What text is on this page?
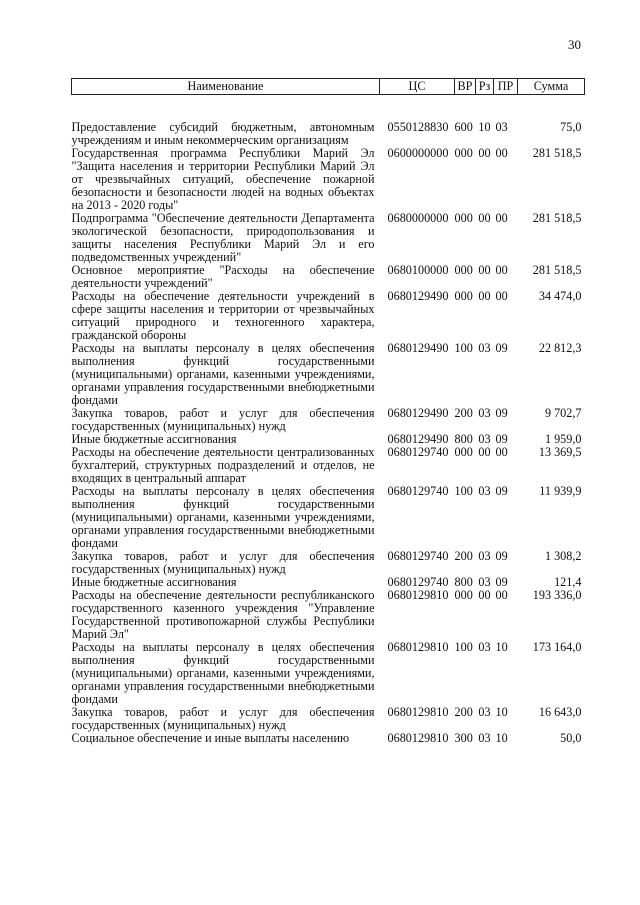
30
Наименование	ЦС	ВР	Рз	ПР	Сумма
Предоставление субсидий бюджетным, автономным учреждениям и иным некоммерческим организациям	0550128830	600	10	03	75,0
Государственная программа Республики Марий Эл "Защита населения и территории Республики Марий Эл от чрезвычайных ситуаций, обеспечение пожарной безопасности и безопасности людей на водных объектах на 2013 - 2020 годы"	0600000000	000	00	00	281 518,5
Подпрограмма "Обеспечение деятельности Департамента экологической безопасности, природопользования и защиты населения Республики Марий Эл и его подведомственных учреждений"	0680000000	000	00	00	281 518,5
Основное мероприятие "Расходы на обеспечение деятельности учреждений"	0680100000	000	00	00	281 518,5
Расходы на обеспечение деятельности учреждений в сфере защиты населения и территории от чрезвычайных ситуаций природного и техногенного характера, гражданской обороны	0680129490	000	00	00	34 474,0
Расходы на выплаты персоналу в целях обеспечения выполнения функций государственными (муниципальными) органами, казенными учреждениями, органами управления государственными внебюджетными фондами	0680129490	100	03	09	22 812,3
Закупка товаров, работ и услуг для обеспечения государственных (муниципальных) нужд	0680129490	200	03	09	9 702,7
Иные бюджетные ассигнования	0680129490	800	03	09	1 959,0
Расходы на обеспечение деятельности централизованных бухгалтерий, структурных подразделений и отделов, не входящих в центральный аппарат	0680129740	000	00	00	13 369,5
Расходы на выплаты персоналу в целях обеспечения выполнения функций государственными (муниципальными) органами, казенными учреждениями, органами управления государственными внебюджетными фондами	0680129740	100	03	09	11 939,9
Закупка товаров, работ и услуг для обеспечения государственных (муниципальных) нужд	0680129740	200	03	09	1 308,2
Иные бюджетные ассигнования	0680129740	800	03	09	121,4
Расходы на обеспечение деятельности республиканского государственного казенного учреждения "Управление Государственной противопожарной службы Республики Марий Эл"	0680129810	000	00	00	193 336,0
Расходы на выплаты персоналу в целях обеспечения выполнения функций государственными (муниципальными) органами, казенными учреждениями, органами управления государственными внебюджетными фондами	0680129810	100	03	10	173 164,0
Закупка товаров, работ и услуг для обеспечения государственных (муниципальных) нужд	0680129810	200	03	10	16 643,0
Социальное обеспечение и иные выплаты населению	0680129810	300	03	10	50,0
